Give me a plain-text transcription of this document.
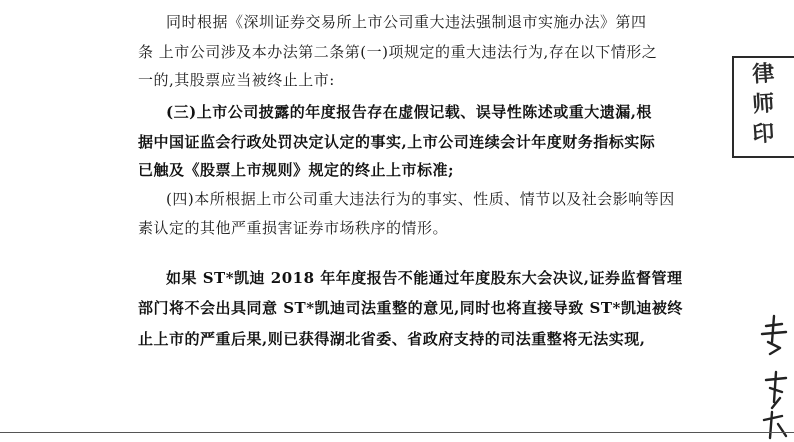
同时根据《深圳证券交易所上市公司重大违法强制退市实施办法》第四
条 上市公司涉及本办法第二条第(一)项规定的重大违法行为,存在以下情形之
一的,其股票应当被终止上市:
(三)上市公司披露的年度报告存在虚假记载、误导性陈述或重大遗漏,根
据中国证监会行政处罚决定认定的事实,上市公司连续会计年度财务指标实际
已触及《股票上市规则》规定的终止上市标准;
(四)本所根据上市公司重大违法行为的事实、性质、情节以及社会影响等因
素认定的其他严重损害证券市场秩序的情形。
如果 ST*凯迪 2018 年年度报告不能通过年度股东大会决议,证券监督管理
部门将不会出具同意 ST*凯迪司法重整的意见,同时也将直接导致 ST*凯迪被终
止上市的严重后果,则已获得湖北省委、省政府支持的司法重整将无法实现,
律
师
印
